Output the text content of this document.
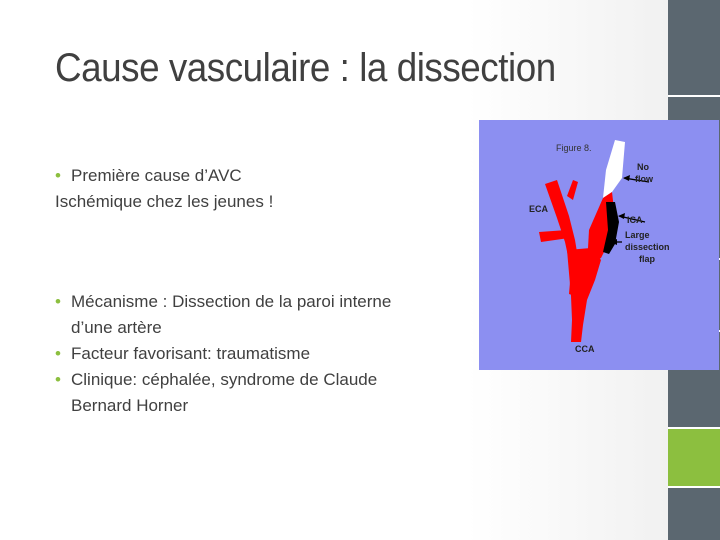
Cause vasculaire : la dissection
• Première cause d’AVC
Ischémique chez les jeunes !
• Mécanisme : Dissection de la paroi interne
d’une artère
• Facteur favorisant: traumatisme
• Clinique: céphalée, syndrome de Claude
Bernard Horner
Figure 8.
ECA
No
flow
ICA
Large
dissection
flap
CCA
